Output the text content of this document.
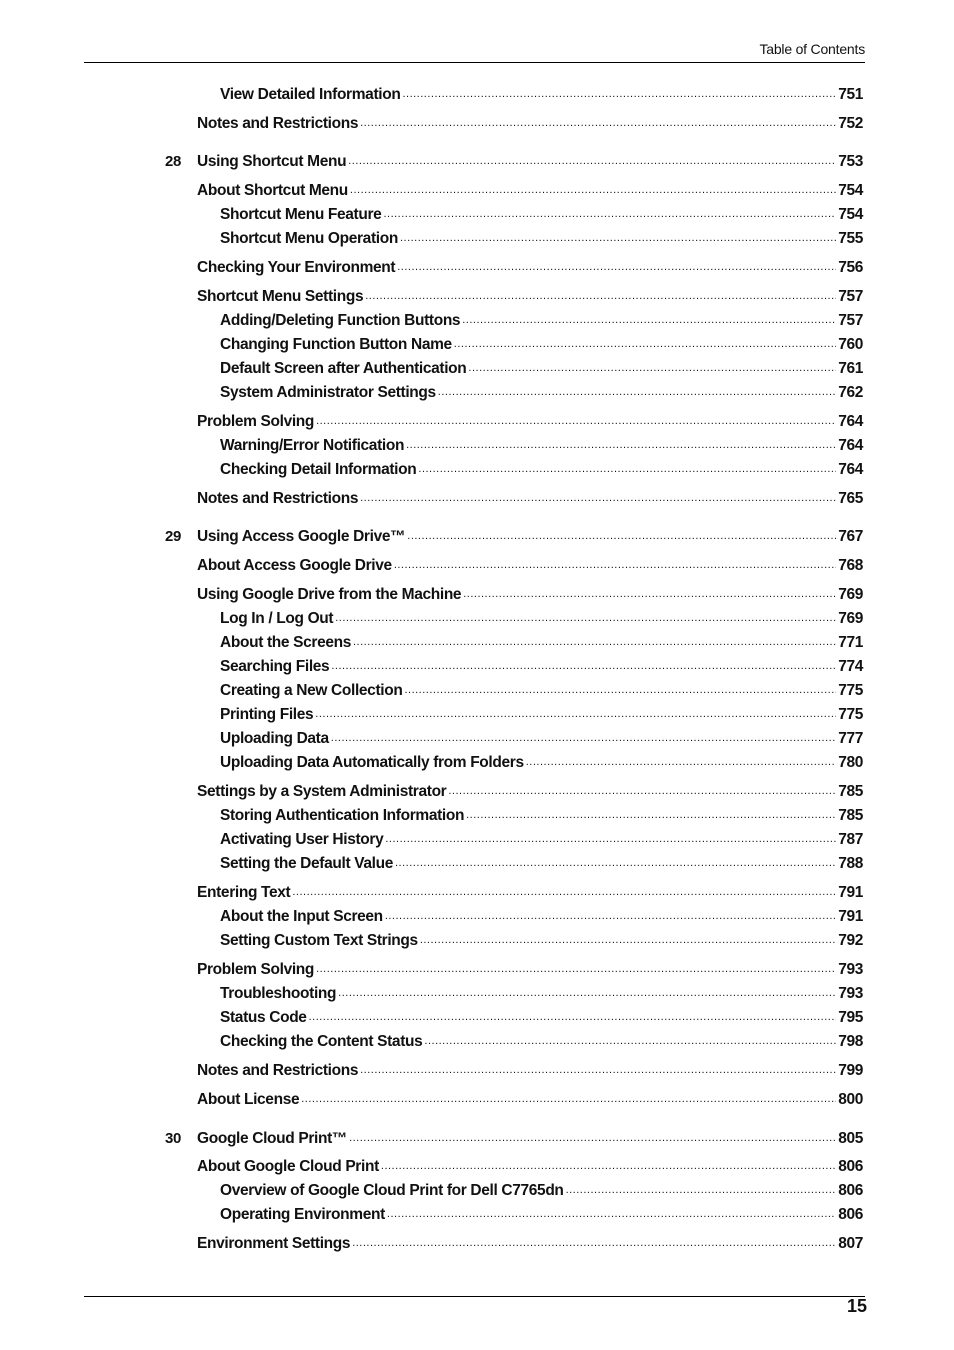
Table of Contents
View Detailed Information .....	751
Notes and Restrictions .....	752
28	Using Shortcut Menu .....	753
About Shortcut Menu .....	754
Shortcut Menu Feature .....	754
Shortcut Menu Operation .....	755
Checking Your Environment .....	756
Shortcut Menu Settings .....	757
Adding/Deleting Function Buttons .....	757
Changing Function Button Name .....	760
Default Screen after Authentication .....	761
System Administrator Settings .....	762
Problem Solving .....	764
Warning/Error Notification .....	764
Checking Detail Information .....	764
Notes and Restrictions .....	765
29	Using Access Google Drive™ .....	767
About Access Google Drive .....	768
Using Google Drive from the Machine .....	769
Log In / Log Out .....	769
About the Screens .....	771
Searching Files .....	774
Creating a New Collection .....	775
Printing Files .....	775
Uploading Data .....	777
Uploading Data Automatically from Folders .....	780
Settings by a System Administrator .....	785
Storing Authentication Information .....	785
Activating User History .....	787
Setting the Default Value .....	788
Entering Text .....	791
About the Input Screen .....	791
Setting Custom Text Strings .....	792
Problem Solving .....	793
Troubleshooting .....	793
Status Code .....	795
Checking the Content Status .....	798
Notes and Restrictions .....	799
About License .....	800
30	Google Cloud Print™ .....	805
About Google Cloud Print .....	806
Overview of Google Cloud Print for Dell C7765dn .....	806
Operating Environment .....	806
Environment Settings .....	807
15
